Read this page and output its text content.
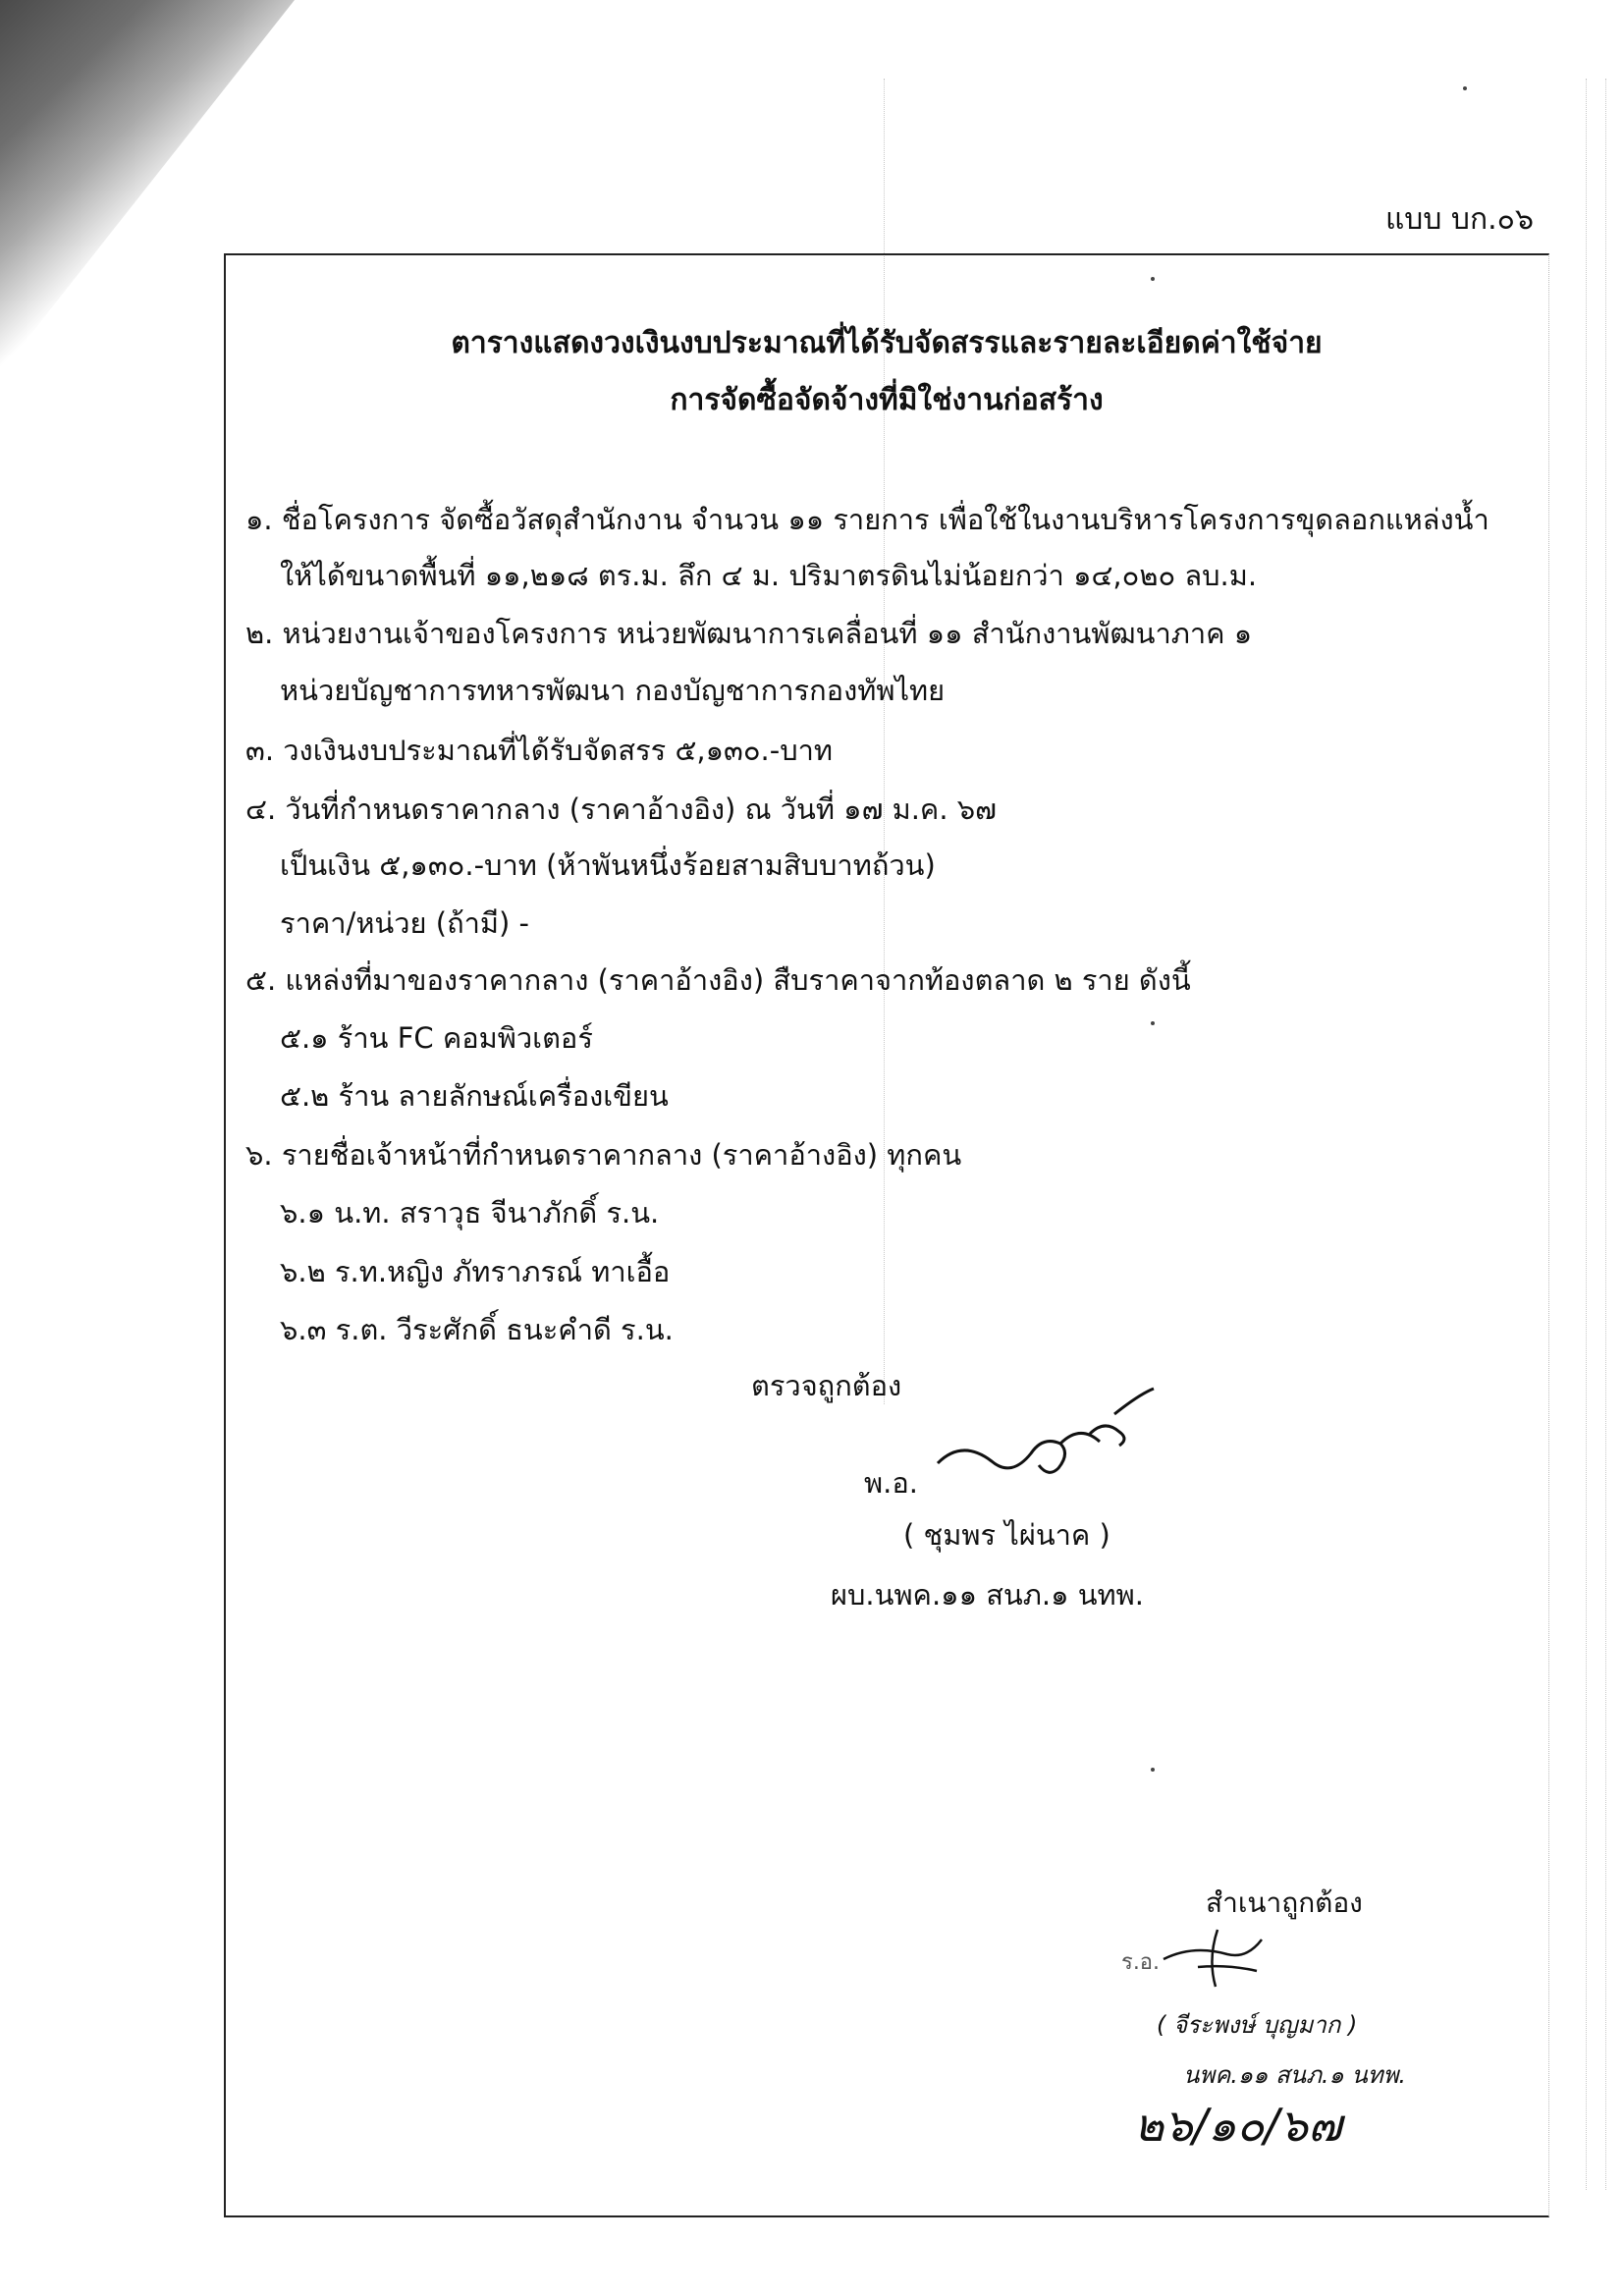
แบบ บก.๐๖

ตารางแสดงวงเงินงบประมาณที่ได้รับจัดสรรและรายละเอียดค่าใช้จ่าย

การจัดซื้อจัดจ้างที่มิใช่งานก่อสร้าง

๑. ชื่อโครงการ จัดซื้อวัสดุสำนักงาน จำนวน ๑๑ รายการ เพื่อใช้ในงานบริหารโครงการขุดลอกแหล่งน้ำ

ให้ได้ขนาดพื้นที่ ๑๑,๒๑๘ ตร.ม. ลึก ๔ ม. ปริมาตรดินไม่น้อยกว่า ๑๔,๐๒๐ ลบ.ม.

๒. หน่วยงานเจ้าของโครงการ หน่วยพัฒนาการเคลื่อนที่ ๑๑ สำนักงานพัฒนาภาค ๑

หน่วยบัญชาการทหารพัฒนา กองบัญชาการกองทัพไทย

๓. วงเงินงบประมาณที่ได้รับจัดสรร ๕,๑๓๐.-บาท

๔. วันที่กำหนดราคากลาง (ราคาอ้างอิง) ณ วันที่ ๑๗ ม.ค. ๖๗

เป็นเงิน ๕,๑๓๐.-บาท (ห้าพันหนึ่งร้อยสามสิบบาทถ้วน)

ราคา/หน่วย (ถ้ามี) -

๕. แหล่งที่มาของราคากลาง (ราคาอ้างอิง) สืบราคาจากท้องตลาด ๒ ราย ดังนี้

๕.๑ ร้าน FC คอมพิวเตอร์

๕.๒ ร้าน ลายลักษณ์เครื่องเขียน

๖. รายชื่อเจ้าหน้าที่กำหนดราคากลาง (ราคาอ้างอิง) ทุกคน

๖.๑ น.ท. สราวุธ จีนาภักดิ์ ร.น.

๖.๒ ร.ท.หญิง ภัทราภรณ์ ทาเอื้อ

๖.๓ ร.ต. วีระศักดิ์ ธนะคำดี ร.น.

ตรวจถูกต้อง

พ.อ.

( ชุมพร ไผ่นาค )

ผบ.นพค.๑๑ สนภ.๑ นทพ.

สำเนาถูกต้อง

ร.อ.

( จีระพงษ์ บุญมาก )

นพค.๑๑ สนภ.๑ นทพ.

๒๖/๑๐/๖๗
